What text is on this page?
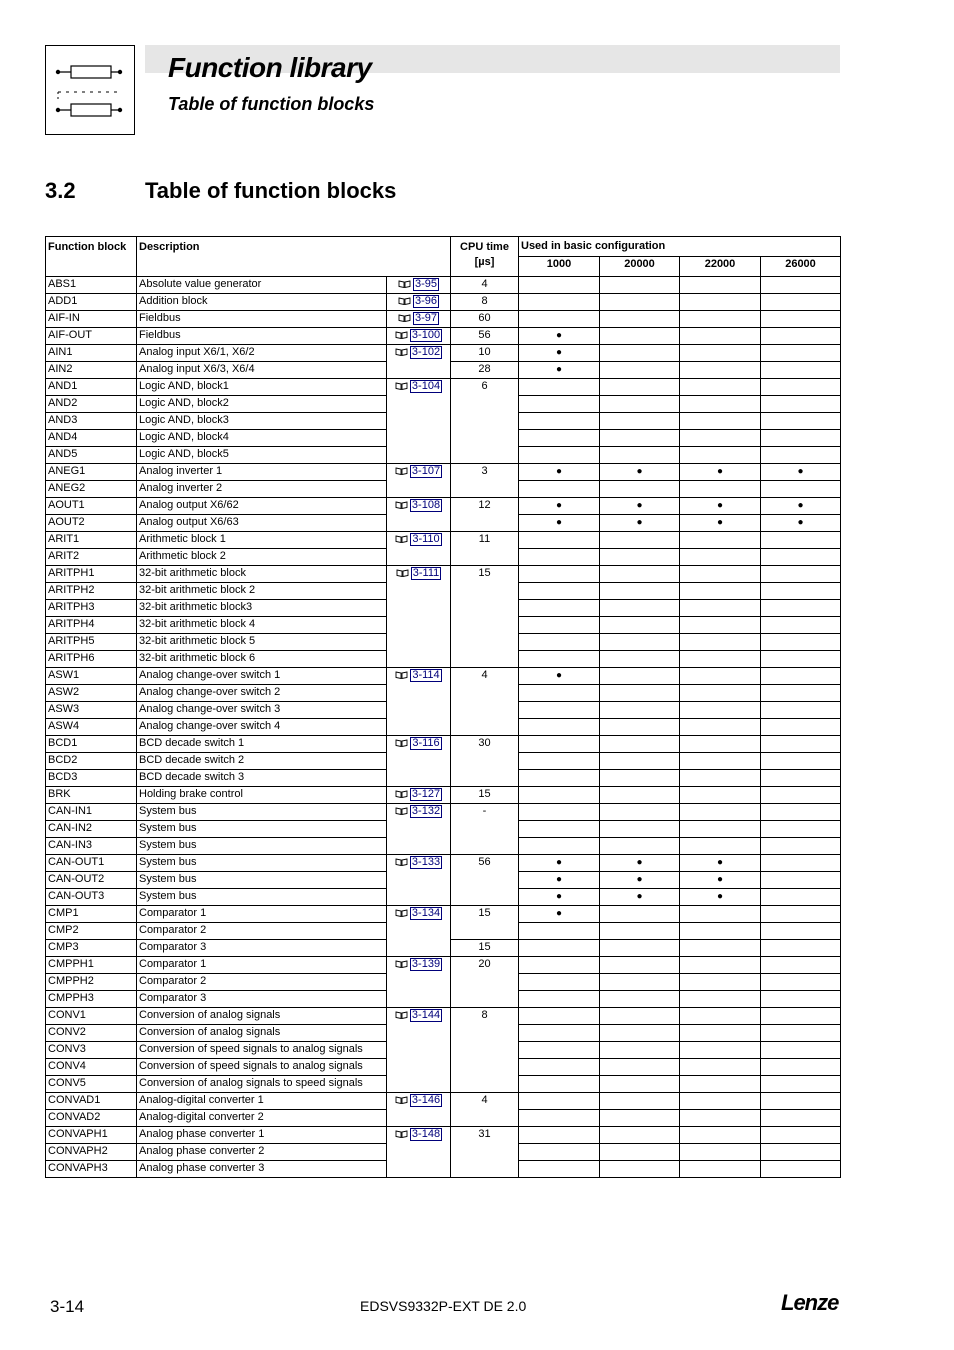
Function library
Table of function blocks
3.2	Table of function blocks
Function block	Description		CPU time
[µs]	Used in basic configuration			
				1000	20000	22000	26000
ABS1	Absolute value generator	3-95	4				
ADD1	Addition block	3-96	8				
AIF-IN	Fieldbus	3-97	60				
AIF-OUT	Fieldbus	3-100	56	●			
AIN1	Analog input X6/1, X6/2	3-102	10	●			
AIN2	Analog input X6/3, X6/4		28	●			
AND1	Logic AND, block1	3-104	6				
AND2	Logic AND, block2						
AND3	Logic AND, block3						
AND4	Logic AND, block4						
AND5	Logic AND, block5						
ANEG1	Analog inverter 1	3-107	3	●	●	●	●
ANEG2	Analog inverter 2						
AOUT1	Analog output X6/62	3-108	12	●	●	●	●
AOUT2	Analog output X6/63			●	●	●	●
ARIT1	Arithmetic block 1	3-110	11				
ARIT2	Arithmetic block 2						
ARITPH1	32-bit arithmetic block	3-111	15				
ARITPH2	32-bit arithmetic block 2						
ARITPH3	32-bit arithmetic block3						
ARITPH4	32-bit arithmetic block 4						
ARITPH5	32-bit arithmetic block 5						
ARITPH6	32-bit arithmetic block 6						
ASW1	Analog change-over switch 1	3-114	4	●			
ASW2	Analog change-over switch 2						
ASW3	Analog change-over switch 3						
ASW4	Analog change-over switch 4						
BCD1	BCD decade switch 1	3-116	30				
BCD2	BCD decade switch 2						
BCD3	BCD decade switch 3						
BRK	Holding brake control	3-127	15				
CAN-IN1	System bus	3-132	-				
CAN-IN2	System bus						
CAN-IN3	System bus						
CAN-OUT1	System bus	3-133	56	●	●	●	
CAN-OUT2	System bus			●	●	●	
CAN-OUT3	System bus			●	●	●	
CMP1	Comparator 1	3-134	15	●			
CMP2	Comparator 2						
CMP3	Comparator 3		15				
CMPPH1	Comparator 1	3-139	20				
CMPPH2	Comparator 2						
CMPPH3	Comparator 3						
CONV1	Conversion of analog signals	3-144	8				
CONV2	Conversion of analog signals						
CONV3	Conversion of speed signals to analog signals						
CONV4	Conversion of speed signals to analog signals						
CONV5	Conversion of analog signals to speed signals						
CONVAD1	Analog-digital converter 1	3-146	4				
CONVAD2	Analog-digital converter 2						
CONVAPH1	Analog phase converter 1	3-148	31				
CONVAPH2	Analog phase converter 2						
CONVAPH3	Analog phase converter 3						
3-14	EDSVS9332P-EXT DE 2.0	Lenze
